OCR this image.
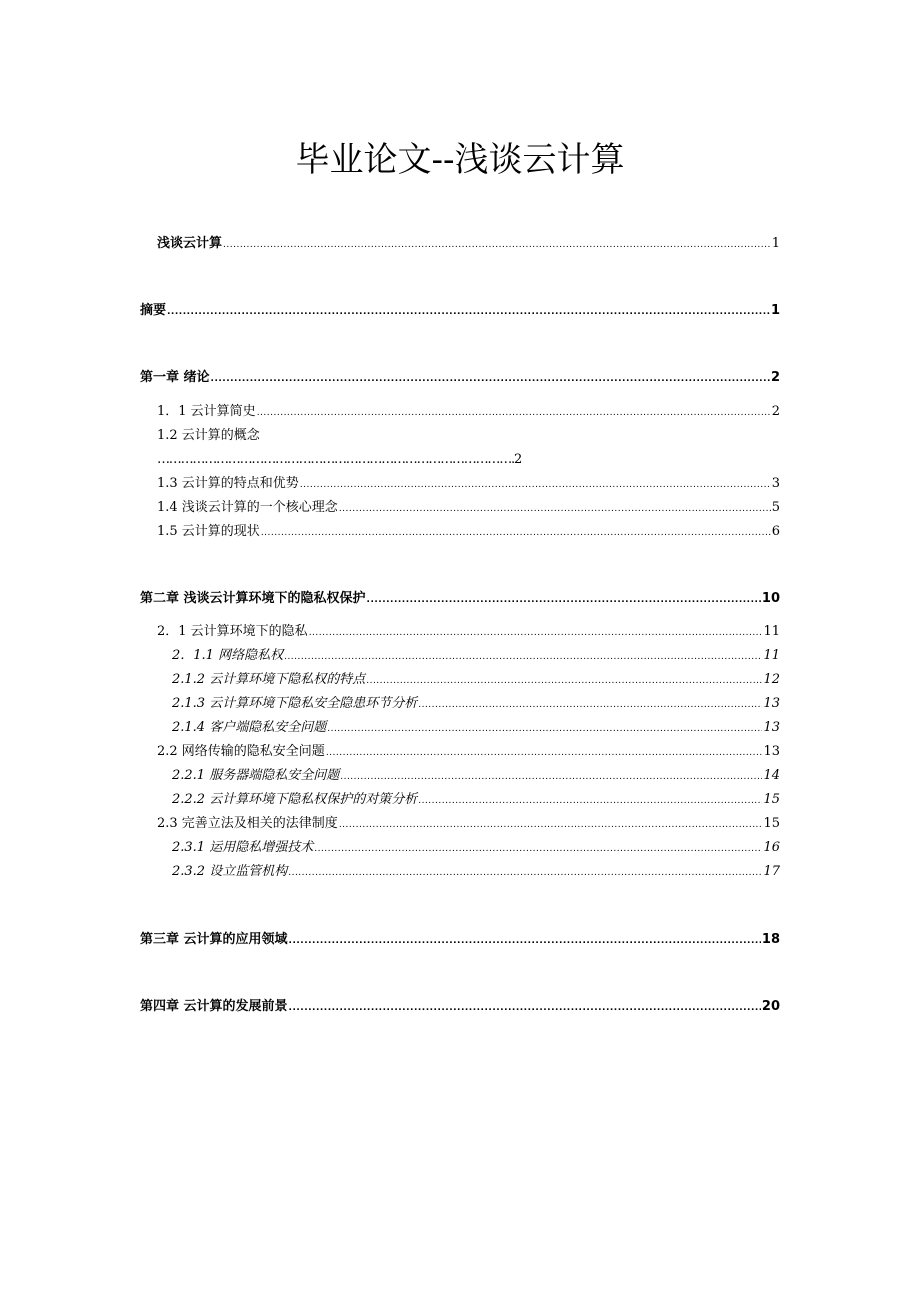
毕业论文--浅谈云计算
浅谈云计算 .....	1
摘要 .....	1
第一章 绪论 .....	2
1．1 云计算简史 .....	2
1.2 云计算的概念
……………………………………………………………………………….2
1.3 云计算的特点和优势 .....	3
1.4 浅谈云计算的一个核心理念 .....	5
1.5 云计算的现状 .....	6
第二章 浅谈云计算环境下的隐私权保护 .....	10
2．1 云计算环境下的隐私 .....	11
2．1.1 网络隐私权 .....	11
2.1.2 云计算环境下隐私权的特点 .....	12
2.1.3 云计算环境下隐私安全隐患环节分析 .....	13
2.1.4 客户端隐私安全问题 .....	13
2.2 网络传输的隐私安全问题 .....	13
2.2.1 服务器端隐私安全问题 .....	14
2.2.2 云计算环境下隐私权保护的对策分析 .....	15
2.3 完善立法及相关的法律制度 .....	15
2.3.1 运用隐私增强技术 .....	16
2.3.2 设立监管机构 .....	17
第三章 云计算的应用领域 .....	18
第四章 云计算的发展前景 .....	20
